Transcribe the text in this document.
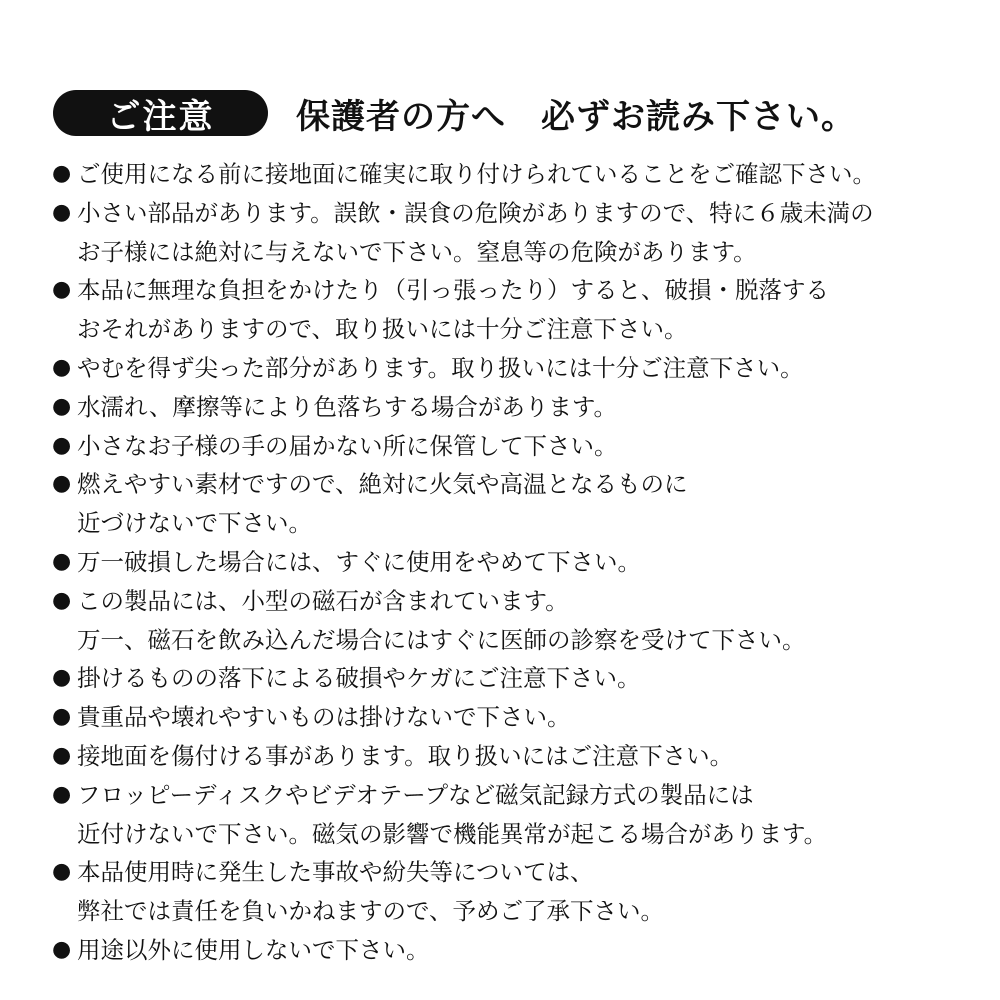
ご注意	保護者の方へ　必ずお読み下さい。
● ご使用になる前に接地面に確実に取り付けられていることをご確認下さい。
● 小さい部品があります。誤飲・誤食の危険がありますので、特に６歳未満の
お子様には絶対に与えないで下さい。窒息等の危険があります。
● 本品に無理な負担をかけたり（引っ張ったり）すると、破損・脱落する
おそれがありますので、取り扱いには十分ご注意下さい。
● やむを得ず尖った部分があります。取り扱いには十分ご注意下さい。
● 水濡れ、摩擦等により色落ちする場合があります。
● 小さなお子様の手の届かない所に保管して下さい。
● 燃えやすい素材ですので、絶対に火気や高温となるものに
近づけないで下さい。
● 万一破損した場合には、すぐに使用をやめて下さい。
● この製品には、小型の磁石が含まれています。
万一、磁石を飲み込んだ場合にはすぐに医師の診察を受けて下さい。
● 掛けるものの落下による破損やケガにご注意下さい。
● 貴重品や壊れやすいものは掛けないで下さい。
● 接地面を傷付ける事があります。取り扱いにはご注意下さい。
● フロッピーディスクやビデオテープなど磁気記録方式の製品には
近付けないで下さい。磁気の影響で機能異常が起こる場合があります。
● 本品使用時に発生した事故や紛失等については、
弊社では責任を負いかねますので、予めご了承下さい。
● 用途以外に使用しないで下さい。
